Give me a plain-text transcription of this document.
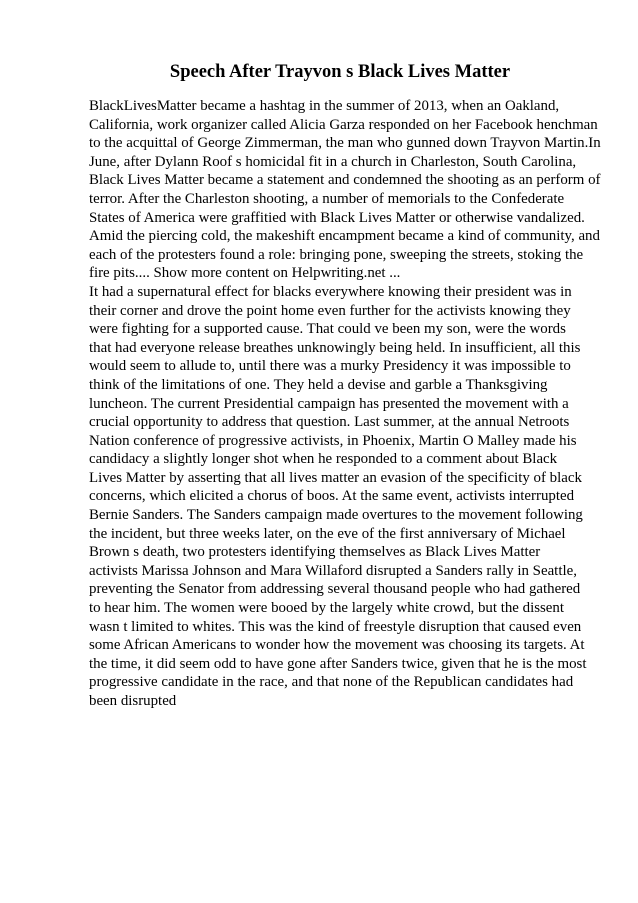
Speech After Trayvon s Black Lives Matter
BlackLivesMatter became a hashtag in the summer of 2013, when an Oakland,
California, work organizer called Alicia Garza responded on her Facebook henchman
to the acquittal of George Zimmerman, the man who gunned down Trayvon Martin.In
June, after Dylann Roof s homicidal fit in a church in Charleston, South Carolina,
Black Lives Matter became a statement and condemned the shooting as an perform of
terror. After the Charleston shooting, a number of memorials to the Confederate
States of America were graffitied with Black Lives Matter or otherwise vandalized.
Amid the piercing cold, the makeshift encampment became a kind of community, and
each of the protesters found a role: bringing pone, sweeping the streets, stoking the
fire pits.... Show more content on Helpwriting.net ...
It had a supernatural effect for blacks everywhere knowing their president was in
their corner and drove the point home even further for the activists knowing they
were fighting for a supported cause. That could ve been my son, were the words
that had everyone release breathes unknowingly being held. In insufficient, all this
would seem to allude to, until there was a murky Presidency it was impossible to
think of the limitations of one. They held a devise and garble a Thanksgiving
luncheon. The current Presidential campaign has presented the movement with a
crucial opportunity to address that question. Last summer, at the annual Netroots
Nation conference of progressive activists, in Phoenix, Martin O Malley made his
candidacy a slightly longer shot when he responded to a comment about Black
Lives Matter by asserting that all lives matter an evasion of the specificity of black
concerns, which elicited a chorus of boos. At the same event, activists interrupted
Bernie Sanders. The Sanders campaign made overtures to the movement following
the incident, but three weeks later, on the eve of the first anniversary of Michael
Brown s death, two protesters identifying themselves as Black Lives Matter
activists Marissa Johnson and Mara Willaford disrupted a Sanders rally in Seattle,
preventing the Senator from addressing several thousand people who had gathered
to hear him. The women were booed by the largely white crowd, but the dissent
wasn t limited to whites. This was the kind of freestyle disruption that caused even
some African Americans to wonder how the movement was choosing its targets. At
the time, it did seem odd to have gone after Sanders twice, given that he is the most
progressive candidate in the race, and that none of the Republican candidates had
been disrupted
